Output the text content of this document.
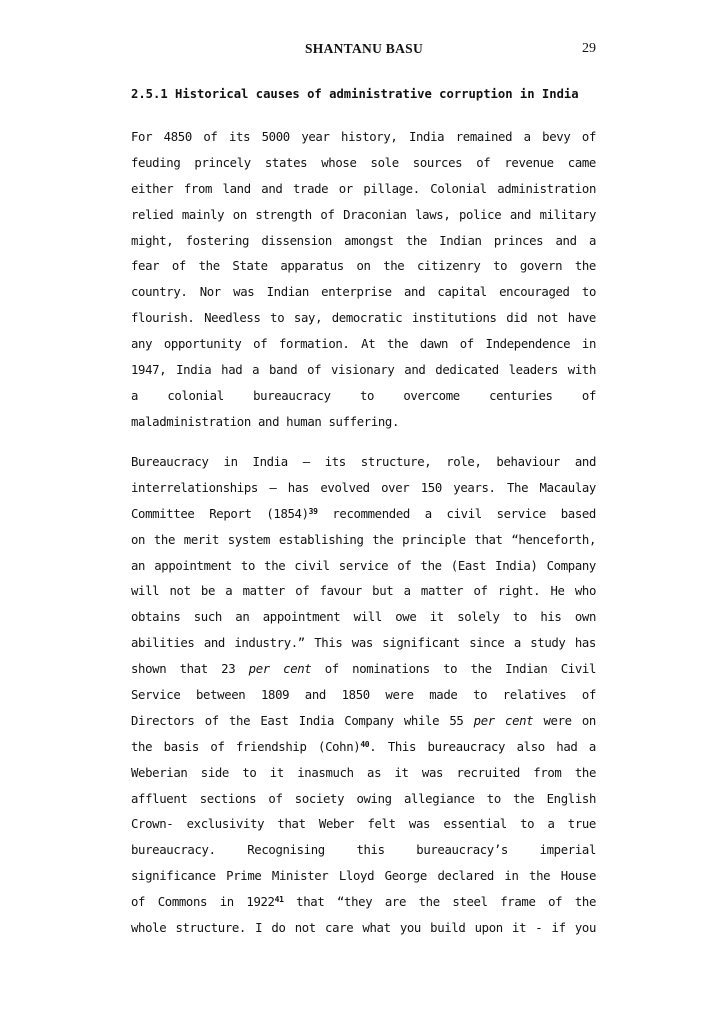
SHANTANU BASU	29
2.5.1 Historical causes of administrative corruption in India
For 4850 of its 5000 year history, India remained a bevy of
feuding princely states whose sole sources of revenue came
either from land and trade or pillage. Colonial administration
relied mainly on strength of Draconian laws, police and military
might, fostering dissension amongst the Indian princes and a
fear of the State apparatus on the citizenry to govern the
country. Nor was Indian enterprise and capital encouraged to
flourish. Needless to say, democratic institutions did not have
any opportunity of formation. At the dawn of Independence in
1947, India had a band of visionary and dedicated leaders with
a colonial bureaucracy to overcome centuries of
maladministration and human suffering.
Bureaucracy in India – its structure, role, behaviour and
interrelationships – has evolved over 150 years. The Macaulay
Committee Report $(1854)^{39}$ recommended a civil service based
on the merit system establishing the principle that “henceforth,
an appointment to the civil service of the (East India) Company
will not be a matter of favour but a matter of right. He who
obtains such an appointment will owe it solely to his own
abilities and industry.” This was significant since a study has
shown that 23 per cent of nominations to the Indian Civil
Service between 1809 and 1850 were made to relatives of
Directors of the East India Company while 55 per cent were on
the basis of friendship (Cohn)$^{40}$. This bureaucracy also had a
Weberian side to it inasmuch as it was recruited from the
affluent sections of society owing allegiance to the English
Crown- exclusivity that Weber felt was essential to a true
bureaucracy. Recognising this bureaucracy’s imperial
significance Prime Minister Lloyd George declared in the House
of Commons in 1922$^{41}$ that “they are the steel frame of the
whole structure. I do not care what you build upon it - if you
